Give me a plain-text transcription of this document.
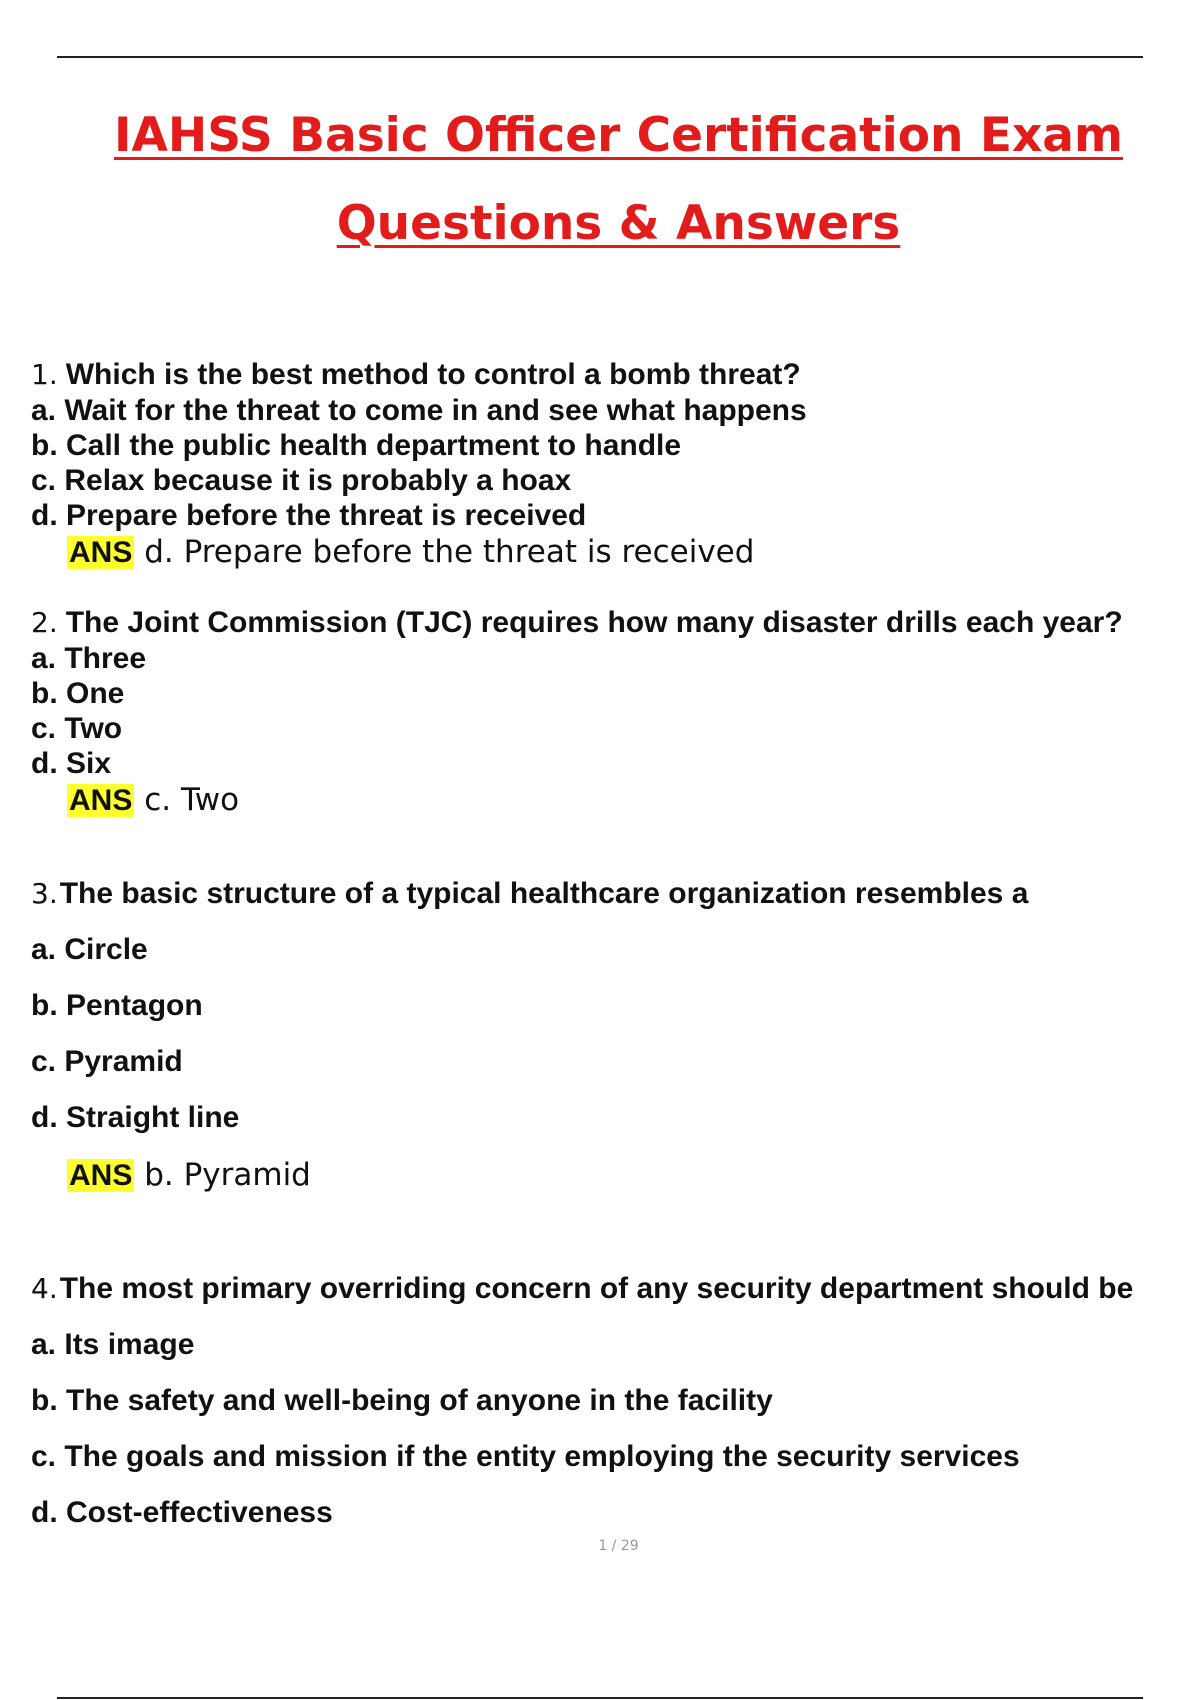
IAHSS Basic Officer Certification Exam
Questions & Answers
1. Which is the best method to control a bomb threat?
a. Wait for the threat to come in and see what happens
b. Call the public health department to handle
c. Relax because it is probably a hoax
d. Prepare before the threat is received
ANS d. Prepare before the threat is received
2. The Joint Commission (TJC) requires how many disaster drills each year?
a. Three
b. One
c. Two
d. Six
ANS c. Two
3.The basic structure of a typical healthcare organization resembles a
a. Circle
b. Pentagon
c. Pyramid
d. Straight line
ANS b. Pyramid
4.The most primary overriding concern of any security department should be
a. Its image
b. The safety and well-being of anyone in the facility
c. The goals and mission if the entity employing the security services
d. Cost-effectiveness
1 / 29
